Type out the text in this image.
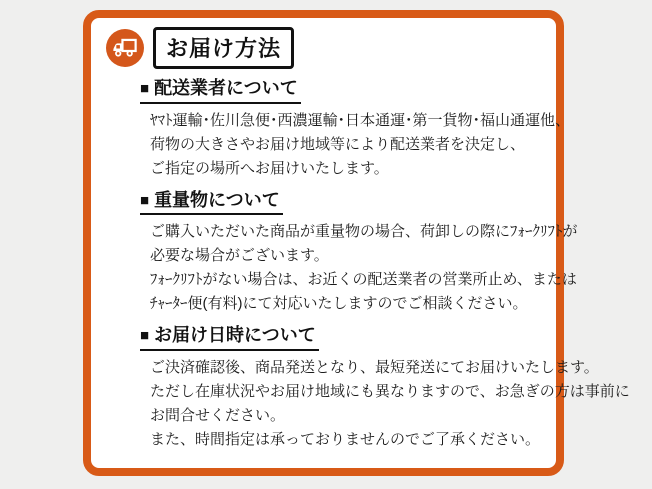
お届け方法
■ 配送業者について
ﾔﾏﾄ運輸･佐川急便･西濃運輸･日本通運･第一貨物･福山通運他、
荷物の大きさやお届け地域等により配送業者を決定し、
ご指定の場所へお届けいたします。
■ 重量物について
ご購入いただいた商品が重量物の場合、荷卸しの際にﾌｫｰｸﾘﾌﾄが
必要な場合がございます。
ﾌｫｰｸﾘﾌﾄがない場合は、お近くの配送業者の営業所止め、または
ﾁｬｰﾀｰ便(有料)にて対応いたしますのでご相談ください。
■ お届け日時について
ご決済確認後、商品発送となり、最短発送にてお届けいたします。
ただし在庫状況やお届け地域にも異なりますので、お急ぎの方は事前に
お問合せください。
また、時間指定は承っておりませんのでご了承ください。
